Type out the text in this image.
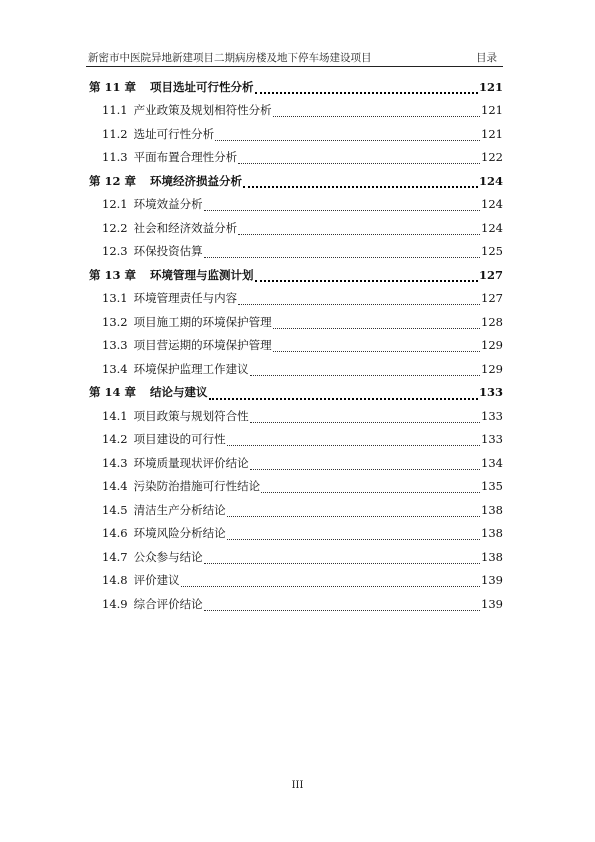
新密市中医院异地新建项目二期病房楼及地下停车场建设项目	目录
第 11 章	项目选址可行性分析	121
11.1 产业政策及规划相符性分析	121
11.2 选址可行性分析	121
11.3 平面布置合理性分析	122
第 12 章	环境经济损益分析	124
12.1 环境效益分析	124
12.2 社会和经济效益分析	124
12.3 环保投资估算	125
第 13 章	环境管理与监测计划	127
13.1 环境管理责任与内容	127
13.2 项目施工期的环境保护管理	128
13.3 项目营运期的环境保护管理	129
13.4 环境保护监理工作建议	129
第 14 章	结论与建议	133
14.1 项目政策与规划符合性	133
14.2 项目建设的可行性	133
14.3 环境质量现状评价结论	134
14.4 污染防治措施可行性结论	135
14.5 清洁生产分析结论	138
14.6 环境风险分析结论	138
14.7 公众参与结论	138
14.8 评价建议	139
14.9 综合评价结论	139
III
